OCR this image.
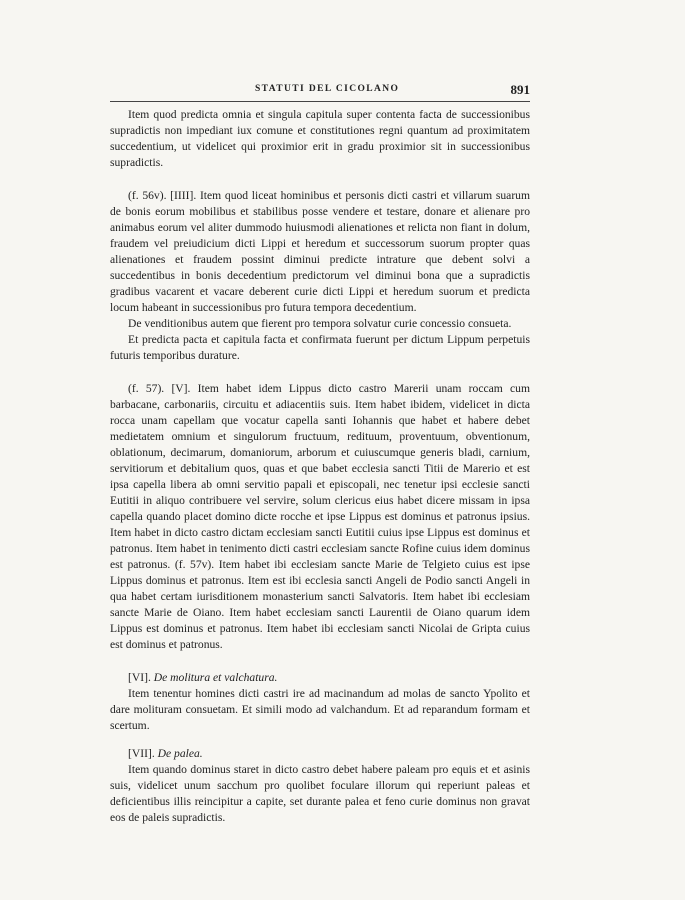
STATUTI DEL CICOLANO	891

Item quod predicta omnia et singula capitula super contenta facta de successionibus supradictis non impediant iux comune et constitutiones regni quantum ad proximitatem succedentium, ut videlicet qui proximior erit in gradu proximior sit in successionibus supradictis.

(f. 56v). [IIII]. Item quod liceat hominibus et personis dicti castri et villarum suarum de bonis eorum mobilibus et stabilibus posse vendere et testare, donare et alienare pro animabus eorum vel aliter dummodo huiusmodi alienationes et relicta non fiant in dolum, fraudem vel preiudicium dicti Lippi et heredum et successorum suorum propter quas alienationes et fraudem possint diminui predicte intrature que debent solvi a succedentibus in bonis decedentium predictorum vel diminui bona que a supradictis gradibus vacarent et vacare deberent curie dicti Lippi et heredum suorum et predicta locum habeant in successionibus pro futura tempora decedentium.

De venditionibus autem que fierent pro tempora solvatur curie concessio consueta.

Et predicta pacta et capitula facta et confirmata fuerunt per dictum Lippum perpetuis futuris temporibus duraturе.

(f. 57). [V]. Item habet idem Lippus dicto castro Marerii unam roccam cum barbacane, carbonariis, circuitu et adiacentiis suis. Item habet ibidem, videlicet in dicta rocca unam capellam que vocatur capella santi Iohannis que habet et habere debet medietatem omnium et singulorum fructuum, redituum, proventuum, obventionum, oblationum, decimarum, domaniorum, arborum et cuiuscumque generis bladi, carnium, servitiorum et debitalium quos, quas et que babet ecclesia sancti Titii de Marerio et est ipsa capella libera ab omni servitio papali et episcopali, nec tenetur ipsi ecclesie sancti Eutitii in aliquo contribuere vel servire, solum clericus eius habet dicere missam in ipsa capella quando placet domino dicte rocche et ipse Lippus est dominus et patronus ipsius. Item habet in dicto castro dictam ecclesiam sancti Eutitii cuius ipse Lippus est dominus et patronus. Item habet in tenimento dicti castri ecclesiam sancte Rofine cuius idem dominus est patronus. (f. 57v). Item habet ibi ecclesiam sancte Marie de Telgieto cuius est ipse Lippus dominus et patronus. Item est ibi ecclesia sancti Angeli de Podio sancti Angeli in qua habet certam iurisditionem monasterium sancti Salvatoris. Item habet ibi ecclesiam sancte Marie de Oiano. Item habet ecclesiam sancti Laurentii de Oiano quarum idem Lippus est dominus et patronus. Item habet ibi ecclesiam sancti Nicolai de Gripta cuius est dominus et patronus.

[VI]. De molitura et valchatura.

Item tenentur homines dicti castri ire ad macinandum ad molas de sancto Ypolito et dare molituram consuetam. Et simili modo ad valchandum. Et ad reparandum formam et scertum.

[VII]. De palea.

Item quando dominus staret in dicto castro debet habere paleam pro equis et et asinis suis, videlicet unum sacchum pro quolibet foculare illorum qui reperiunt paleas et deficientibus illis reincipitur a capite, set durante palea et feno curie dominus non gravat eos de paleis supradictis.
